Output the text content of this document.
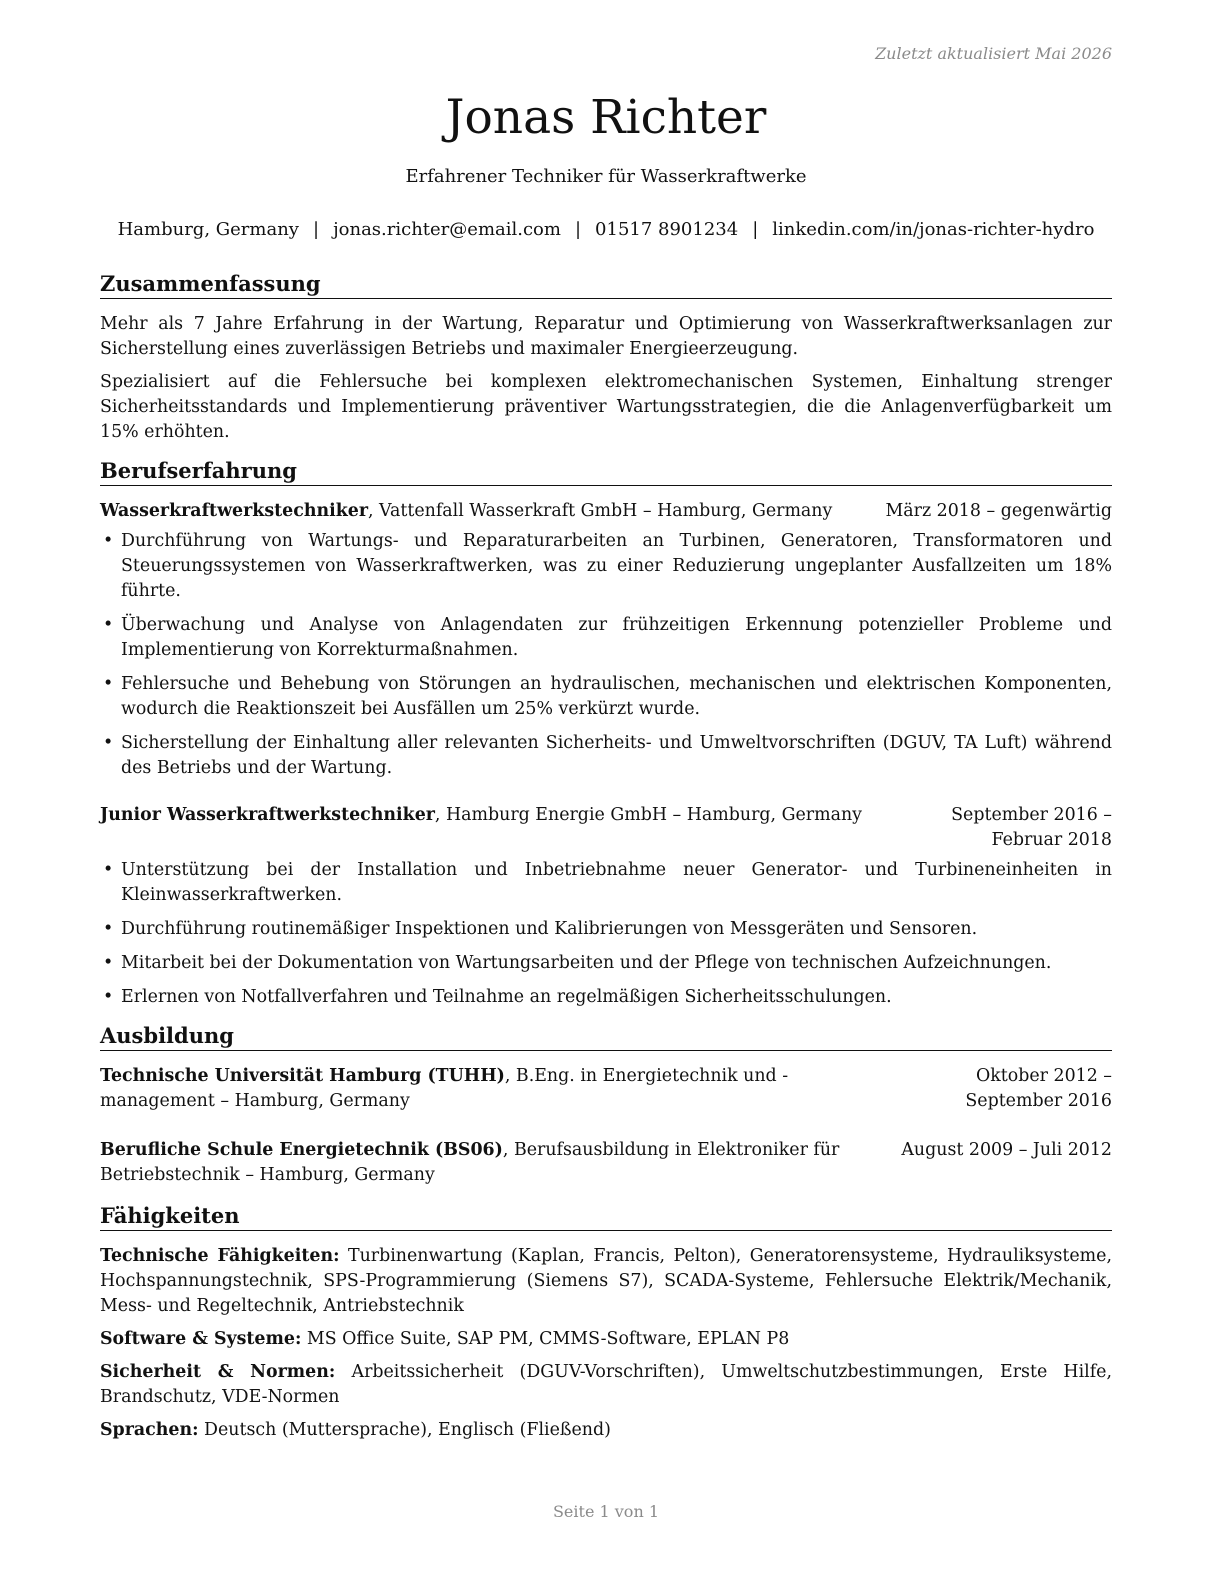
Zuletzt aktualisiert Mai 2026
Jonas Richter
Erfahrener Techniker für Wasserkraftwerke
Hamburg, Germany | jonas.richter@email.com | 01517 8901234 | linkedin.com/in/jonas-richter-hydro
Zusammenfassung

Mehr als 7 Jahre Erfahrung in der Wartung, Reparatur und Optimierung von Wasserkraftwerksanlagen zur Sicherstellung eines zuverlässigen Betriebs und maximaler Energieerzeugung.

Spezialisiert auf die Fehlersuche bei komplexen elektromechanischen Systemen, Einhaltung strenger Sicherheitsstandards und Implementierung präventiver Wartungsstrategien, die die Anlagenverfügbarkeit um 15% erhöhten.

Berufserfahrung
Wasserkraftwerkstechniker, Vattenfall Wasserkraft GmbH – Hamburg, Germany	März 2018 – gegenwärtig
• Durchführung von Wartungs- und Reparaturarbeiten an Turbinen, Generatoren, Transformatoren und Steuerungssystemen von Wasserkraftwerken, was zu einer Reduzierung ungeplanter Ausfallzeiten um 18% führte.
• Überwachung und Analyse von Anlagendaten zur frühzeitigen Erkennung potenzieller Probleme und Implementierung von Korrekturmaßnahmen.
• Fehlersuche und Behebung von Störungen an hydraulischen, mechanischen und elektrischen Komponenten, wodurch die Reaktionszeit bei Ausfällen um 25% verkürzt wurde.
• Sicherstellung der Einhaltung aller relevanten Sicherheits- und Umweltvorschriften (DGUV, TA Luft) während des Betriebs und der Wartung.
Junior Wasserkraftwerkstechniker, Hamburg Energie GmbH – Hamburg, Germany	September 2016 – Februar 2018
• Unterstützung bei der Installation und Inbetriebnahme neuer Generator- und Turbineneinheiten in Kleinwasserkraftwerken.
• Durchführung routinemäßiger Inspektionen und Kalibrierungen von Messgeräten und Sensoren.
• Mitarbeit bei der Dokumentation von Wartungsarbeiten und der Pflege von technischen Aufzeichnungen.
• Erlernen von Notfallverfahren und Teilnahme an regelmäßigen Sicherheitsschulungen.
Ausbildung
Technische Universität Hamburg (TUHH), B.Eng. in Energietechnik und -management – Hamburg, Germany
Oktober 2012 – September 2016
Berufliche Schule Energietechnik (BS06), Berufsausbildung in Elektroniker für Betriebstechnik – Hamburg, Germany
August 2009 – Juli 2012
Fähigkeiten

Technische Fähigkeiten: Turbinenwartung (Kaplan, Francis, Pelton), Generatorensysteme, Hydrauliksysteme, Hochspannungstechnik, SPS-Programmierung (Siemens S7), SCADA-Systeme, Fehlersuche Elektrik/Mechanik, Mess- und Regeltechnik, Antriebstechnik

Software & Systeme: MS Office Suite, SAP PM, CMMS-Software, EPLAN P8

Sicherheit & Normen: Arbeitssicherheit (DGUV-Vorschriften), Umweltschutzbestimmungen, Erste Hilfe, Brandschutz, VDE-Normen

Sprachen: Deutsch (Muttersprache), Englisch (Fließend)

Seite 1 von 1
